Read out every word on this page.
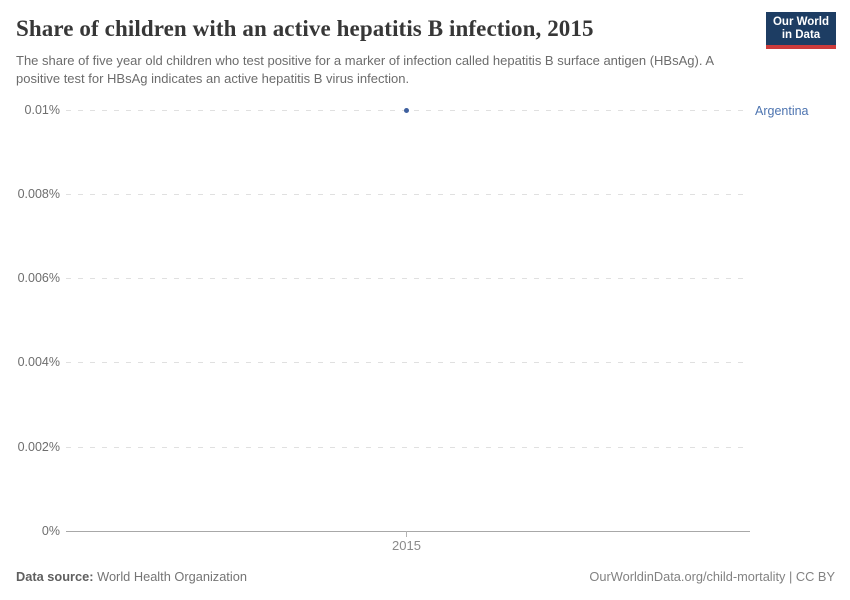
Share of children with an active hepatitis B infection, 2015	Our World
in Data

The share of five year old children who test positive for a marker of infection called hepatitis B surface antigen (HBsAg). A positive test for HBsAg indicates an active hepatitis B virus infection.

0.01%
0.008%
0.006%
0.004%
0.002%
0%
Argentina
2015
Data source: World Health Organization	OurWorldinData.org/child-mortality | CC BY
